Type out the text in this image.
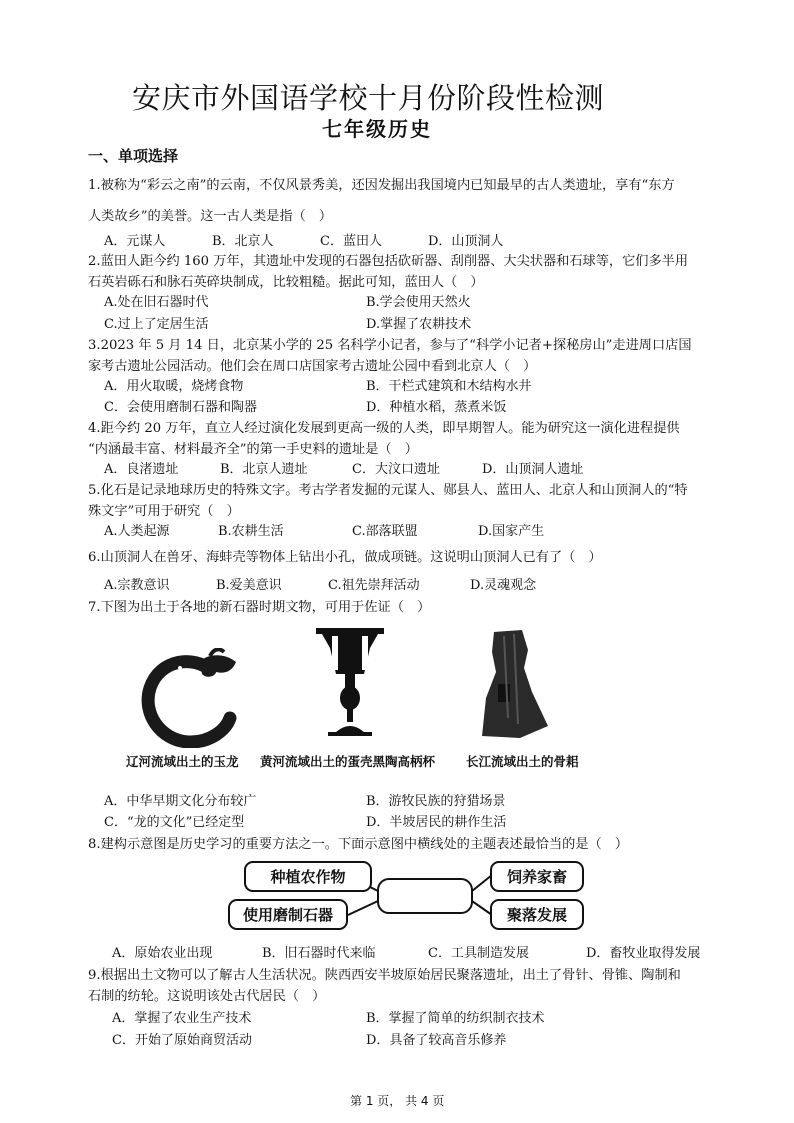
安庆市外国语学校十月份阶段性检测
七年级历史
一、单项选择
1.被称为“彩云之南”的云南，不仅风景秀美，还因发掘出我国境内已知最早的古人类遗址，享有“东方
人类故乡”的美誉。这一古人类是指（　）
A．元谋人	B．北京人	C．蓝田人	D．山顶洞人
2.蓝田人距今约 160 万年，其遗址中发现的石器包括砍斫器、刮削器、大尖状器和石球等，它们多半用
石英岩砾石和脉石英碎块制成，比较粗糙。据此可知，蓝田人（　）
A.处在旧石器时代	B.学会使用天然火
C.过上了定居生活	D.掌握了农耕技术
3.2023 年 5 月 14 日，北京某小学的 25 名科学小记者，参与了“科学小记者+探秘房山”走进周口店国
家考古遗址公园活动。他们会在周口店国家考古遗址公园中看到北京人（　）
A．用火取暖，烧烤食物	B．干栏式建筑和木结构水井
C．会使用磨制石器和陶器	D．种植水稻，蒸煮米饭
4.距今约 20 万年，直立人经过演化发展到更高一级的人类，即早期智人。能为研究这一演化进程提供
“内涵最丰富、材料最齐全”的第一手史料的遗址是（　）
A．良渚遗址	B．北京人遗址	C．大汶口遗址	D．山顶洞人遗址
5.化石是记录地球历史的特殊文字。考古学者发掘的元谋人、郧县人、蓝田人、北京人和山顶洞人的“特
殊文字”可用于研究（　）
A.人类起源	B.农耕生活	C.部落联盟	D.国家产生
6.山顶洞人在兽牙、海蚌壳等物体上钻出小孔，做成项链。这说明山顶洞人已有了（　）
A.宗教意识	B.爱美意识	C.祖先崇拜活动	D.灵魂观念
7.下图为出土于各地的新石器时期文物，可用于佐证（　）
辽河流域出土的玉龙 黄河流域出土的蛋壳黑陶高柄杯 长江流域出土的骨耜
A．中华早期文化分布较广	B．游牧民族的狩猎场景
C．“龙的文化”已经定型	D．半坡居民的耕作生活
8.建构示意图是历史学习的重要方法之一。下面示意图中横线处的主题表述最恰当的是（　）
种植农作物
使用磨制石器
饲养家畜
聚落发展
A．原始农业出现	B．旧石器时代来临	C．工具制造发展	D．畜牧业取得发展
9.根据出土文物可以了解古人生活状况。陕西西安半坡原始居民聚落遗址，出土了骨针、骨锥、陶制和
石制的纺轮。这说明该处古代居民（　）
A．掌握了农业生产技术	B．掌握了简单的纺织制衣技术
C．开始了原始商贸活动	D．具备了较高音乐修养
第 1 页， 共 4 页
